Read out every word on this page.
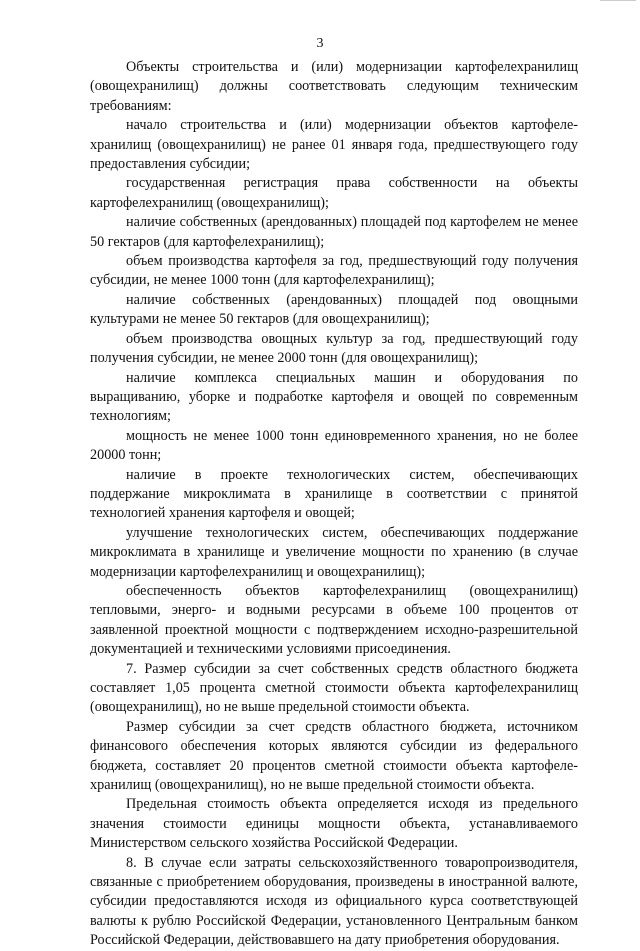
3

Объекты строительства и (или) модернизации картофелехранилищ (овощехранилищ) должны соответствовать следующим техническим требованиям:

начало строительства и (или) модернизации объектов картофеле-хранилищ (овощехранилищ) не ранее 01 января года, предшествующего году предоставления субсидии;

государственная регистрация права собственности на объекты картофелехранилищ (овощехранилищ);

наличие собственных (арендованных) площадей под картофелем не менее 50 гектаров (для картофелехранилищ);

объем производства картофеля за год, предшествующий году получения субсидии, не менее 1000 тонн (для картофелехранилищ);

наличие собственных (арендованных) площадей под овощными культурами не менее 50 гектаров (для овощехранилищ);

объем производства овощных культур за год, предшествующий году получения субсидии, не менее 2000 тонн (для овощехранилищ);

наличие комплекса специальных машин и оборудования по выращиванию, уборке и подработке картофеля и овощей по современным технологиям;

мощность не менее 1000 тонн единовременного хранения, но не более 20000 тонн;

наличие в проекте технологических систем, обеспечивающих поддержание микроклимата в хранилище в соответствии с принятой технологией хранения картофеля и овощей;

улучшение технологических систем, обеспечивающих поддержание микроклимата в хранилище и увеличение мощности по хранению (в случае модернизации картофелехранилищ и овощехранилищ);

обеспеченность объектов картофелехранилищ (овощехранилищ) тепловыми, энерго- и водными ресурсами в объеме 100 процентов от заявленной проектной мощности с подтверждением исходно-разрешительной документацией и техническими условиями присоединения.

7. Размер субсидии за счет собственных средств областного бюджета составляет 1,05 процента сметной стоимости объекта картофелехранилищ (овощехранилищ), но не выше предельной стоимости объекта.

Размер субсидии за счет средств областного бюджета, источником финансового обеспечения которых являются субсидии из федерального бюджета, составляет 20 процентов сметной стоимости объекта картофеле-хранилищ (овощехранилищ), но не выше предельной стоимости объекта.

Предельная стоимость объекта определяется исходя из предельного значения стоимости единицы мощности объекта, устанавливаемого Министерством сельского хозяйства Российской Федерации.

8. В случае если затраты сельскохозяйственного товаропроизводителя, связанные с приобретением оборудования, произведены в иностранной валюте, субсидии предоставляются исходя из официального курса соответствующей валюты к рублю Российской Федерации, установленного Центральным банком Российской Федерации, действовавшего на дату приобретения оборудования.
